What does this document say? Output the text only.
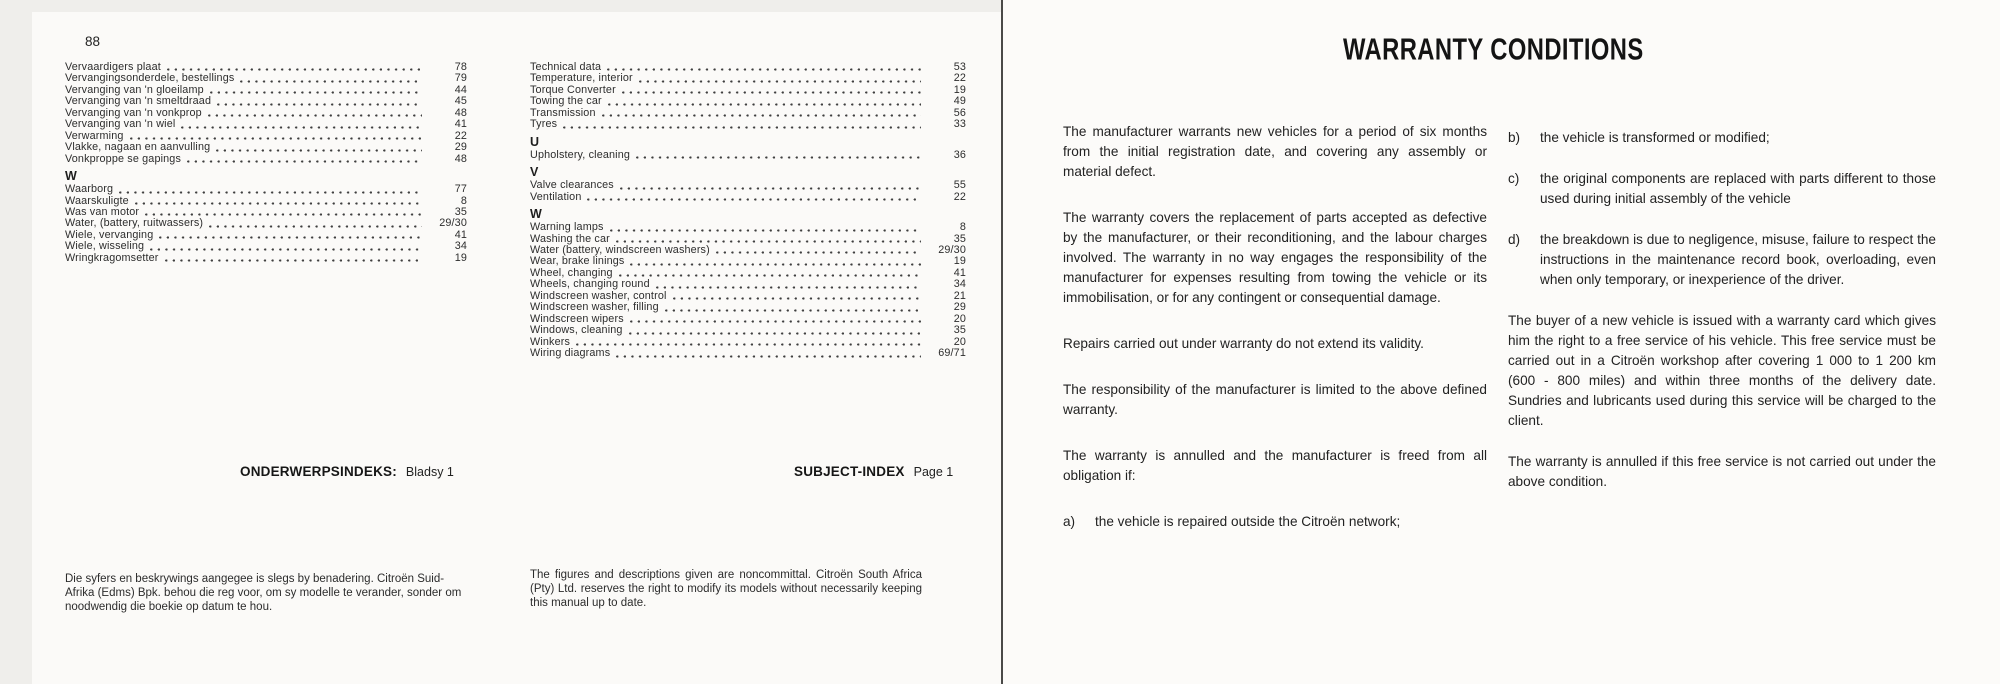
88
Vervaardigers plaat	78
Vervangingsonderdele, bestellings	79
Vervanging van 'n gloeilamp	44
Vervanging van 'n smeltdraad	45
Vervanging van 'n vonkprop	48
Vervanging van 'n wiel	41
Verwarming	22
Vlakke, nagaan en aanvulling	29
Vonkproppe se gapings	48
W
Waarborg	77
Waarskuligte	8
Was van motor	35
Water, (battery, ruitwassers)	29/30
Wiele, vervanging	41
Wiele, wisseling	34
Wringkragomsetter	19
Technical data	53
Temperature, interior	22
Torque Converter	19
Towing the car	49
Transmission	56
Tyres	33
U
Upholstery, cleaning	36
V
Valve clearances	55
Ventilation	22
W
Warning lamps	8
Washing the car	35
Water (battery, windscreen washers)	29/30
Wear, brake linings	19
Wheel, changing	41
Wheels, changing round	34
Windscreen washer, control	21
Windscreen washer, filling	29
Windscreen wipers	20
Windows, cleaning	35
Winkers	20
Wiring diagrams	69/71
ONDERWERPSINDEKS: Bladsy 1	SUBJECT-INDEX Page 1
Die syfers en beskrywings aangegee is slegs by benadering. Citroën Suid-Afrika (Edms) Bpk. behou die reg voor, om sy modelle te verander, sonder om noodwendig die boekie op datum te hou.
The figures and descriptions given are noncommittal. Citroën South Africa (Pty) Ltd. reserves the right to modify its models without necessarily keeping this manual up to date.
WARRANTY CONDITIONS
The manufacturer warrants new vehicles for a period of six months from the initial registration date, and covering any assembly or material defect.
The warranty covers the replacement of parts accepted as defective by the manufacturer, or their reconditioning, and the labour charges involved. The warranty in no way engages the responsibility of the manufacturer for expenses resulting from towing the vehicle or its immobilisation, or for any contingent or consequential damage.
Repairs carried out under warranty do not extend its validity.
The responsibility of the manufacturer is limited to the above defined warranty.
The warranty is annulled and the manufacturer is freed from all obligation if:
a)	the vehicle is repaired outside the Citroën network;
b)	the vehicle is transformed or modified;
c)	the original components are replaced with parts different to those used during initial assembly of the vehicle
d)	the breakdown is due to negligence, misuse, failure to respect the instructions in the maintenance record book, overloading, even when only temporary, or inexperience of the driver.
The buyer of a new vehicle is issued with a warranty card which gives him the right to a free service of his vehicle. This free service must be carried out in a Citroën workshop after covering 1 000 to 1 200 km (600 - 800 miles) and within three months of the delivery date. Sundries and lubricants used during this service will be charged to the client.
The warranty is annulled if this free service is not carried out under the above condition.
